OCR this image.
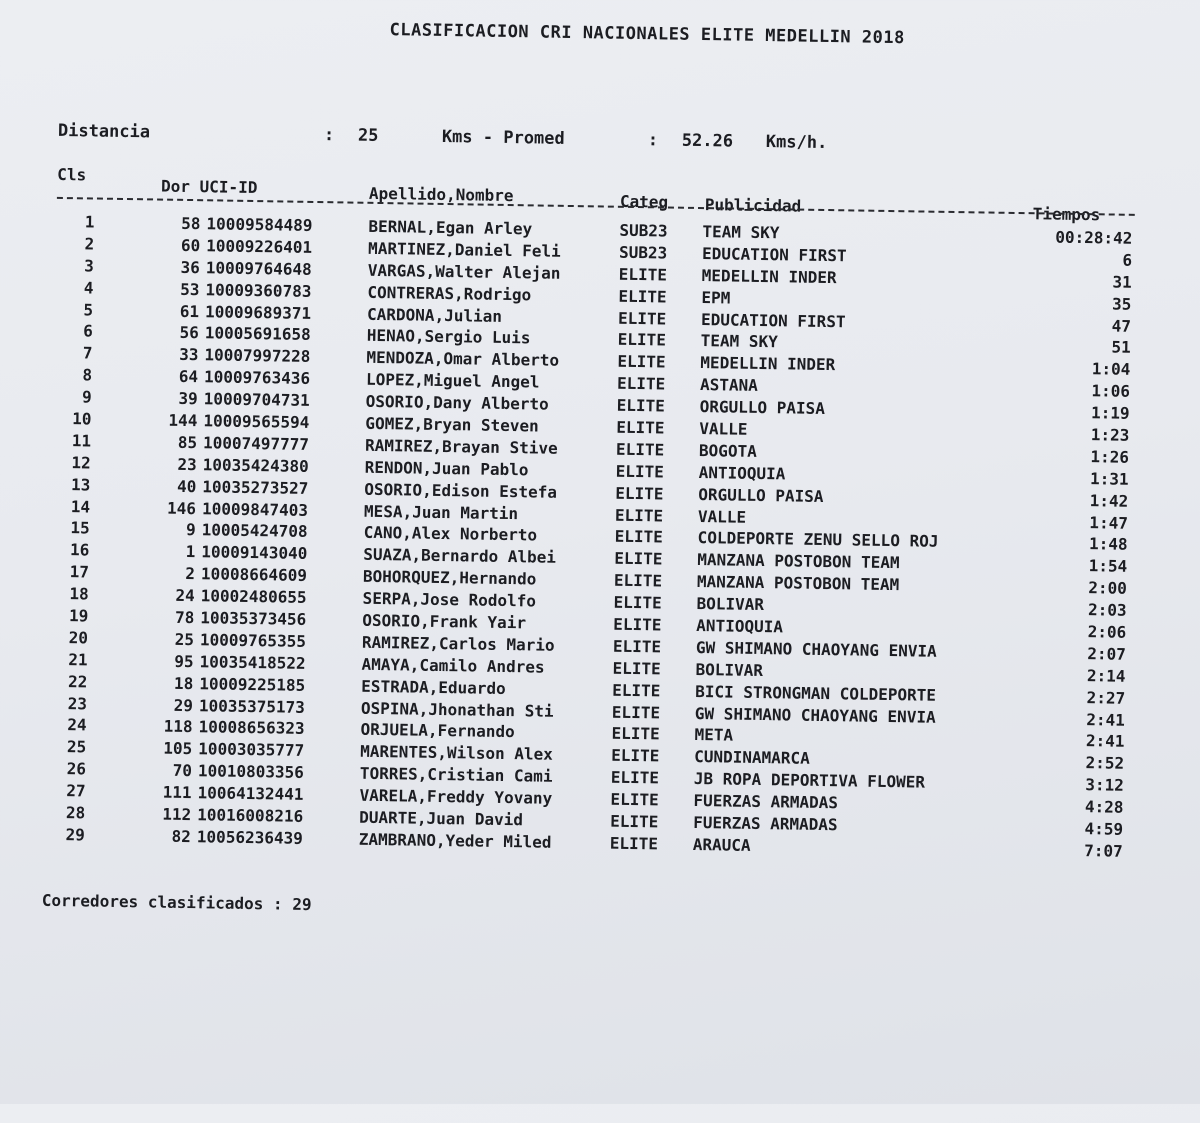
CLASIFICACION CRI NACIONALES ELITE MEDELLIN 2018
Distancia	: 25	Kms - Promed	: 52.26 Kms/h.
Cls
Dor UCI-ID	Apellido,Nombre	Categ Publicidad	Tiempos
1	58 10009584489	BERNAL,Egan Arley	SUB23 TEAM SKY	00:28:42
2	60 10009226401	MARTINEZ,Daniel Feli	SUB23 EDUCATION FIRST	6
3	36 10009764648	VARGAS,Walter Alejan	ELITE MEDELLIN INDER	31
4	53 10009360783	CONTRERAS,Rodrigo	ELITE EPM	35
5	61 10009689371	CARDONA,Julian	ELITE EDUCATION FIRST	47
6	56 10005691658	HENAO,Sergio Luis	ELITE TEAM SKY	51
7	33 10007997228	MENDOZA,Omar Alberto	ELITE MEDELLIN INDER	1:04
8	64 10009763436	LOPEZ,Miguel Angel	ELITE ASTANA	1:06
9	39 10009704731	OSORIO,Dany Alberto	ELITE ORGULLO PAISA	1:19
10	144 10009565594	GOMEZ,Bryan Steven	ELITE VALLE	1:23
11	85 10007497777	RAMIREZ,Brayan Stive	ELITE BOGOTA	1:26
12	23 10035424380	RENDON,Juan Pablo	ELITE ANTIOQUIA	1:31
13	40 10035273527	OSORIO,Edison Estefa	ELITE ORGULLO PAISA	1:42
14	146 10009847403	MESA,Juan Martin	ELITE VALLE	1:47
15	9 10005424708	CANO,Alex Norberto	ELITE COLDEPORTE ZENU SELLO ROJ	1:48
16	1 10009143040	SUAZA,Bernardo Albei	ELITE MANZANA POSTOBON TEAM	1:54
17	2 10008664609	BOHORQUEZ,Hernando	ELITE MANZANA POSTOBON TEAM	2:00
18	24 10002480655	SERPA,Jose Rodolfo	ELITE BOLIVAR	2:03
19	78 10035373456	OSORIO,Frank Yair	ELITE ANTIOQUIA	2:06
20	25 10009765355	RAMIREZ,Carlos Mario	ELITE GW SHIMANO CHAOYANG ENVIA	2:07
21	95 10035418522	AMAYA,Camilo Andres	ELITE BOLIVAR	2:14
22	18 10009225185	ESTRADA,Eduardo	ELITE BICI STRONGMAN COLDEPORTE	2:27
23	29 10035375173	OSPINA,Jhonathan Sti	ELITE GW SHIMANO CHAOYANG ENVIA	2:41
24	118 10008656323	ORJUELA,Fernando	ELITE META	2:41
25	105 10003035777	MARENTES,Wilson Alex	ELITE CUNDINAMARCA	2:52
26	70 10010803356	TORRES,Cristian Cami	ELITE JB ROPA DEPORTIVA FLOWER	3:12
27	111 10064132441	VARELA,Freddy Yovany	ELITE FUERZAS ARMADAS	4:28
28	112 10016008216	DUARTE,Juan David	ELITE FUERZAS ARMADAS	4:59
29	82 10056236439	ZAMBRANO,Yeder Miled	ELITE ARAUCA	7:07
Corredores clasificados : 29
